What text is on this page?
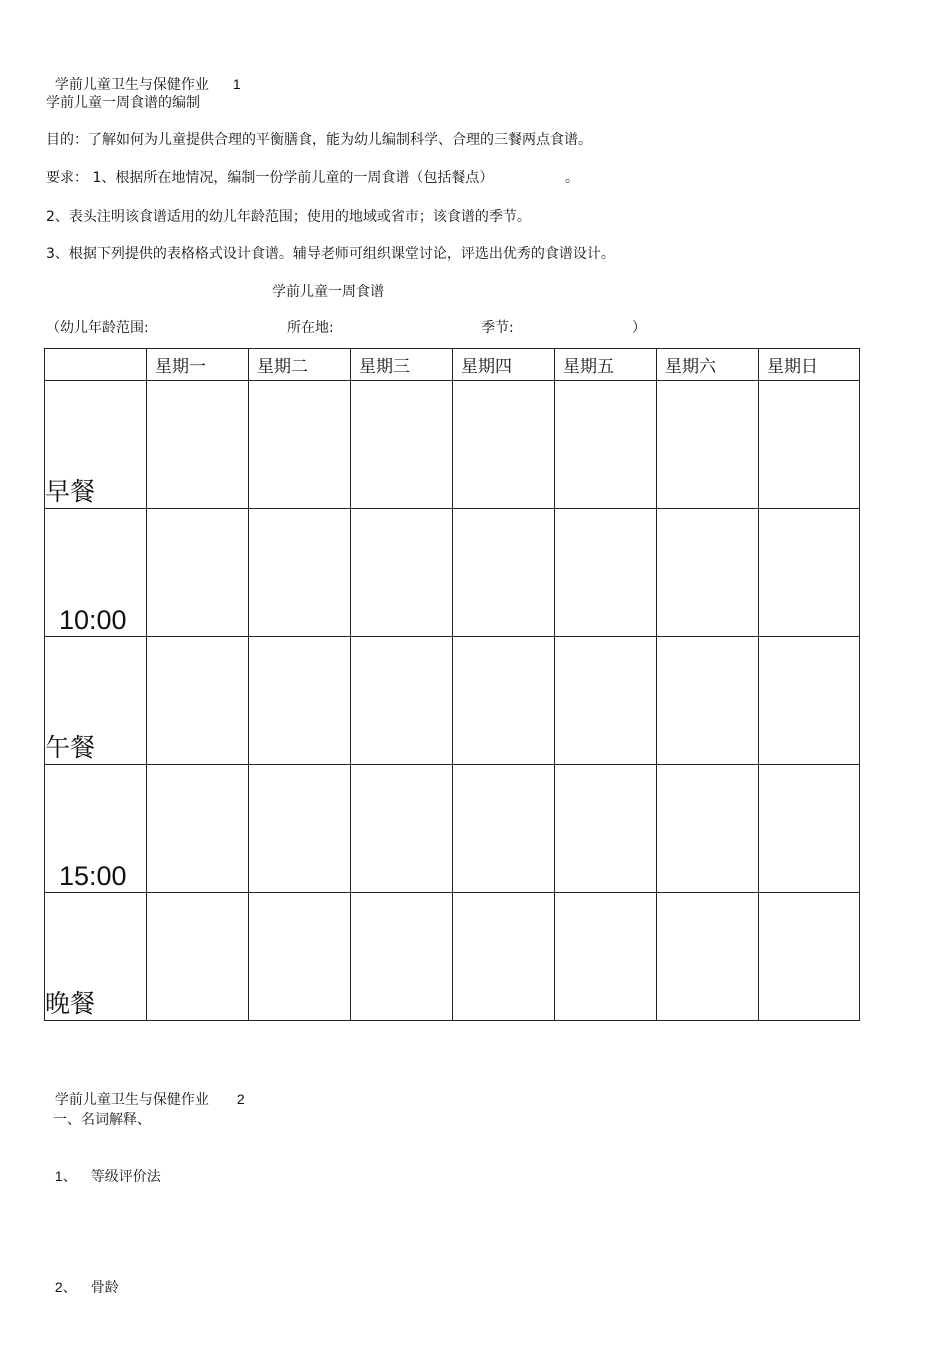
学前儿童卫生与保健作业 1

学前儿童一周食谱的编制
目的：了解如何为儿童提供合理的平衡膳食，能为幼儿编制科学、合理的三餐两点食谱。
要求： 1、根据所在地情况，编制一份学前儿童的一周食谱（包括餐点）	。
2、表头注明该食谱适用的幼儿年龄范围；使用的地域或省市；该食谱的季节。
3、根据下列提供的表格格式设计食谱。辅导老师可组织课堂讨论，评选出优秀的食谱设计。
学前儿童一周食谱
（幼儿年龄范围:	所在地:	季节:	）
	星期一	星期二	星期三	星期四	星期五	星期六	星期日
早餐							
10:00							
午餐							
15:00							
晚餐							

学前儿童卫生与保健作业 2

一、名词解释、

1、 等级评价法

2、 骨龄
